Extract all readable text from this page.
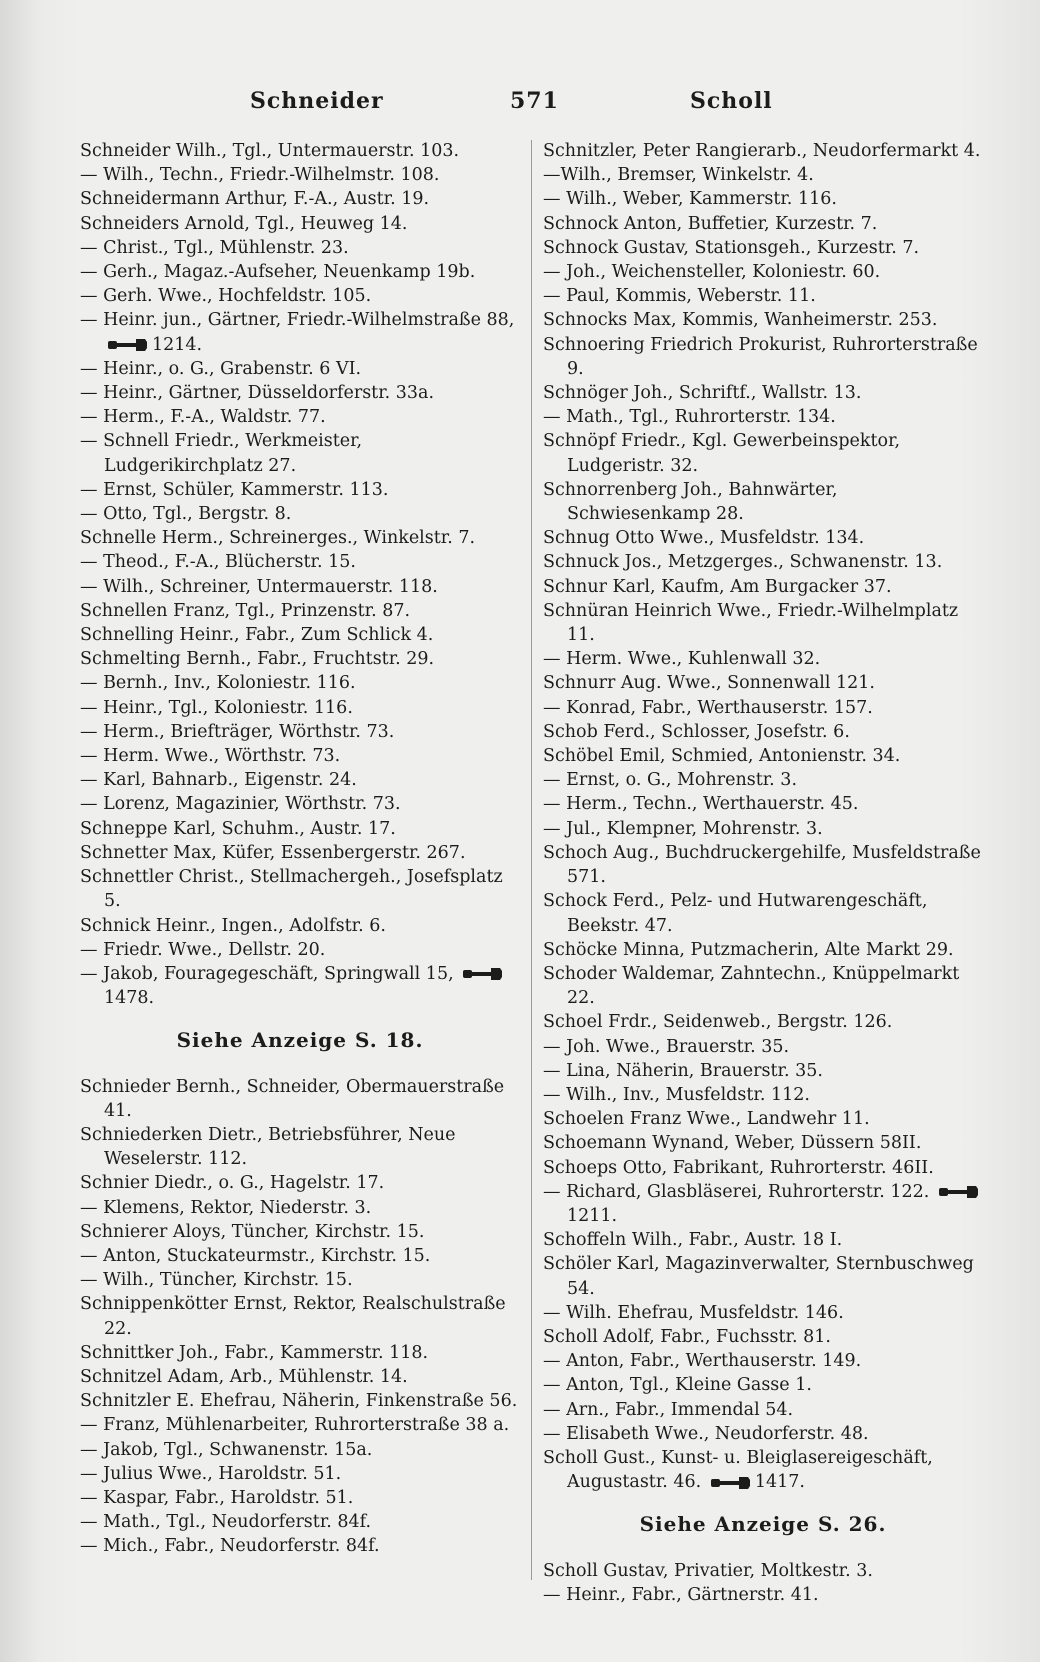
Schneider	571	Scholl

Schneider Wilh., Tgl., Untermauerstr. 103.

— Wilh., Techn., Friedr.-Wilhelmstr. 108.

Schneidermann Arthur, F.-A., Austr. 19.

Schneiders Arnold, Tgl., Heuweg 14.

— Christ., Tgl., Mühlenstr. 23.

— Gerh., Magaz.-Aufseher, Neuenkamp 19b.

— Gerh. Wwe., Hochfeldstr. 105.

— Heinr. jun., Gärtner, Friedr.-Wilhelmstraße 88, 1214.

— Heinr., o. G., Grabenstr. 6 VI.

— Heinr., Gärtner, Düsseldorferstr. 33a.

— Herm., F.-A., Waldstr. 77.

— Schnell Friedr., Werkmeister, Ludgerikirchplatz 27.

— Ernst, Schüler, Kammerstr. 113.

— Otto, Tgl., Bergstr. 8.

Schnelle Herm., Schreinerges., Winkelstr. 7.

— Theod., F.-A., Blücherstr. 15.

— Wilh., Schreiner, Untermauerstr. 118.

Schnellen Franz, Tgl., Prinzenstr. 87.

Schnelling Heinr., Fabr., Zum Schlick 4.

Schmelting Bernh., Fabr., Fruchtstr. 29.

— Bernh., Inv., Koloniestr. 116.

— Heinr., Tgl., Koloniestr. 116.

— Herm., Briefträger, Wörthstr. 73.

— Herm. Wwe., Wörthstr. 73.

— Karl, Bahnarb., Eigenstr. 24.

— Lorenz, Magazinier, Wörthstr. 73.

Schneppe Karl, Schuhm., Austr. 17.

Schnetter Max, Küfer, Essenbergerstr. 267.

Schnettler Christ., Stellmachergeh., Josefsplatz 5.

Schnick Heinr., Ingen., Adolfstr. 6.

— Friedr. Wwe., Dellstr. 20.

— Jakob, Fouragegeschäft, Springwall 15, 1478.

Siehe Anzeige S. 18.

Schnieder Bernh., Schneider, Obermauerstraße 41.

Schniederken Dietr., Betriebsführer, Neue Weselerstr. 112.

Schnier Diedr., o. G., Hagelstr. 17.

— Klemens, Rektor, Niederstr. 3.

Schnierer Aloys, Tüncher, Kirchstr. 15.

— Anton, Stuckateurmstr., Kirchstr. 15.

— Wilh., Tüncher, Kirchstr. 15.

Schnippenkötter Ernst, Rektor, Realschulstraße 22.

Schnittker Joh., Fabr., Kammerstr. 118.

Schnitzel Adam, Arb., Mühlenstr. 14.

Schnitzler E. Ehefrau, Näherin, Finkenstraße 56.

— Franz, Mühlenarbeiter, Ruhrorterstraße 38 a.

— Jakob, Tgl., Schwanenstr. 15a.

— Julius Wwe., Haroldstr. 51.

— Kaspar, Fabr., Haroldstr. 51.

— Math., Tgl., Neudorferstr. 84f.

— Mich., Fabr., Neudorferstr. 84f.

Schnitzler, Peter Rangierarb., Neudorfermarkt 4.

—Wilh., Bremser, Winkelstr. 4.

— Wilh., Weber, Kammerstr. 116.

Schnock Anton, Buffetier, Kurzestr. 7.

Schnock Gustav, Stationsgeh., Kurzestr. 7.

— Joh., Weichensteller, Koloniestr. 60.

— Paul, Kommis, Weberstr. 11.

Schnocks Max, Kommis, Wanheimerstr. 253.

Schnoering Friedrich Prokurist, Ruhrorterstraße 9.

Schnöger Joh., Schriftf., Wallstr. 13.

— Math., Tgl., Ruhrorterstr. 134.

Schnöpf Friedr., Kgl. Gewerbeinspektor, Ludgeristr. 32.

Schnorrenberg Joh., Bahnwärter, Schwiesenkamp 28.

Schnug Otto Wwe., Musfeldstr. 134.

Schnuck Jos., Metzgerges., Schwanenstr. 13.

Schnur Karl, Kaufm, Am Burgacker 37.

Schnüran Heinrich Wwe., Friedr.-Wilhelmplatz 11.

— Herm. Wwe., Kuhlenwall 32.

Schnurr Aug. Wwe., Sonnenwall 121.

— Konrad, Fabr., Werthauserstr. 157.

Schob Ferd., Schlosser, Josefstr. 6.

Schöbel Emil, Schmied, Antonienstr. 34.

— Ernst, o. G., Mohrenstr. 3.

— Herm., Techn., Werthauerstr. 45.

— Jul., Klempner, Mohrenstr. 3.

Schoch Aug., Buchdruckergehilfe, Musfeldstraße 571.

Schock Ferd., Pelz- und Hutwarengeschäft, Beekstr. 47.

Schöcke Minna, Putzmacherin, Alte Markt 29.

Schoder Waldemar, Zahntechn., Knüppelmarkt 22.

Schoel Frdr., Seidenweb., Bergstr. 126.

— Joh. Wwe., Brauerstr. 35.

— Lina, Näherin, Brauerstr. 35.

— Wilh., Inv., Musfeldstr. 112.

Schoelen Franz Wwe., Landwehr 11.

Schoemann Wynand, Weber, Düssern 58II.

Schoeps Otto, Fabrikant, Ruhrorterstr. 46II.

— Richard, Glasbläserei, Ruhrorterstr. 122. 1211.

Schoffeln Wilh., Fabr., Austr. 18 I.

Schöler Karl, Magazinverwalter, Sternbuschweg 54.

— Wilh. Ehefrau, Musfeldstr. 146.

Scholl Adolf, Fabr., Fuchsstr. 81.

— Anton, Fabr., Werthauserstr. 149.

— Anton, Tgl., Kleine Gasse 1.

— Arn., Fabr., Immendal 54.

— Elisabeth Wwe., Neudorferstr. 48.

Scholl Gust., Kunst- u. Bleiglasereigeschäft, Augustastr. 46.	1417.

Siehe Anzeige S. 26.

Scholl Gustav, Privatier, Moltkestr. 3.

— Heinr., Fabr., Gärtnerstr. 41.
